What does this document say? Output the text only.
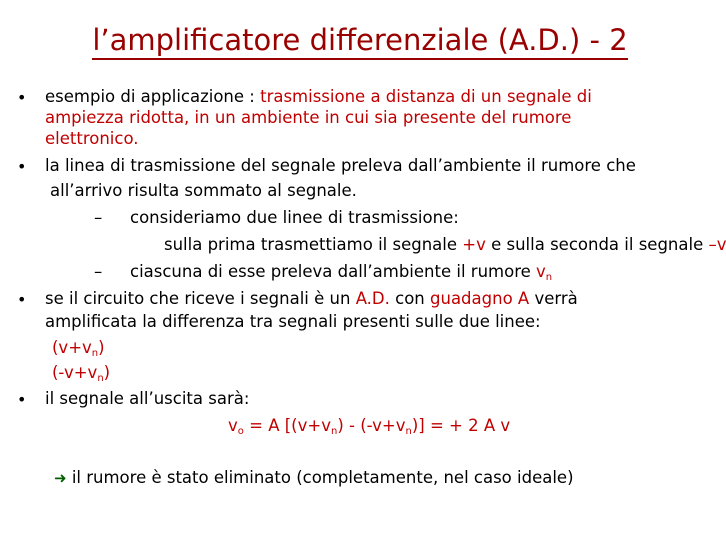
l’amplificatore differenziale (A.D.) - 2
• esempio di applicazione : trasmissione a distanza di un segnale di
ampiezza ridotta, in un ambiente in cui sia presente del rumore
elettronico.
• la linea di trasmissione del segnale preleva dall’ambiente il rumore che
all’arrivo risulta sommato al segnale.
– consideriamo due linee di trasmissione:
sulla prima trasmettiamo il segnale +v e sulla seconda il segnale –v
– ciascuna di esse preleva dall’ambiente il rumore $v_n$
• se il circuito che riceve i segnali è un A.D. con guadagno A verrà
amplificata la differenza tra segnali presenti sulle due linee:
$(v+v_n)$
$(-v+v_n)$
• il segnale all’uscita sarà:
$v_o = A$ $[(v+v_n) - (-v+v_n)]$ = + 2 A v
➜ il rumore è stato eliminato (completamente, nel caso ideale)
